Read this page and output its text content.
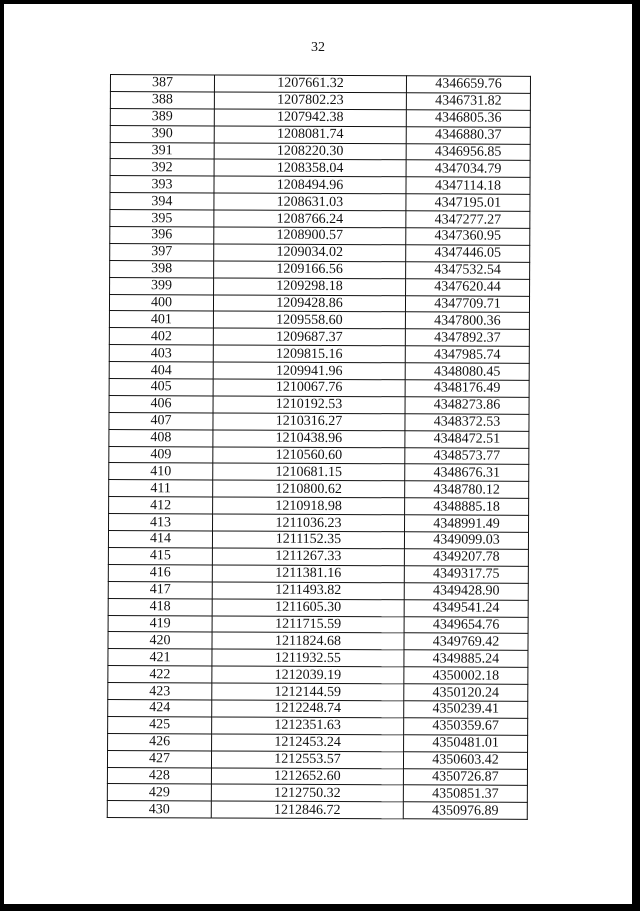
32
387	1207661.32	4346659.76
388	1207802.23	4346731.82
389	1207942.38	4346805.36
390	1208081.74	4346880.37
391	1208220.30	4346956.85
392	1208358.04	4347034.79
393	1208494.96	4347114.18
394	1208631.03	4347195.01
395	1208766.24	4347277.27
396	1208900.57	4347360.95
397	1209034.02	4347446.05
398	1209166.56	4347532.54
399	1209298.18	4347620.44
400	1209428.86	4347709.71
401	1209558.60	4347800.36
402	1209687.37	4347892.37
403	1209815.16	4347985.74
404	1209941.96	4348080.45
405	1210067.76	4348176.49
406	1210192.53	4348273.86
407	1210316.27	4348372.53
408	1210438.96	4348472.51
409	1210560.60	4348573.77
410	1210681.15	4348676.31
411	1210800.62	4348780.12
412	1210918.98	4348885.18
413	1211036.23	4348991.49
414	1211152.35	4349099.03
415	1211267.33	4349207.78
416	1211381.16	4349317.75
417	1211493.82	4349428.90
418	1211605.30	4349541.24
419	1211715.59	4349654.76
420	1211824.68	4349769.42
421	1211932.55	4349885.24
422	1212039.19	4350002.18
423	1212144.59	4350120.24
424	1212248.74	4350239.41
425	1212351.63	4350359.67
426	1212453.24	4350481.01
427	1212553.57	4350603.42
428	1212652.60	4350726.87
429	1212750.32	4350851.37
430	1212846.72	4350976.89
